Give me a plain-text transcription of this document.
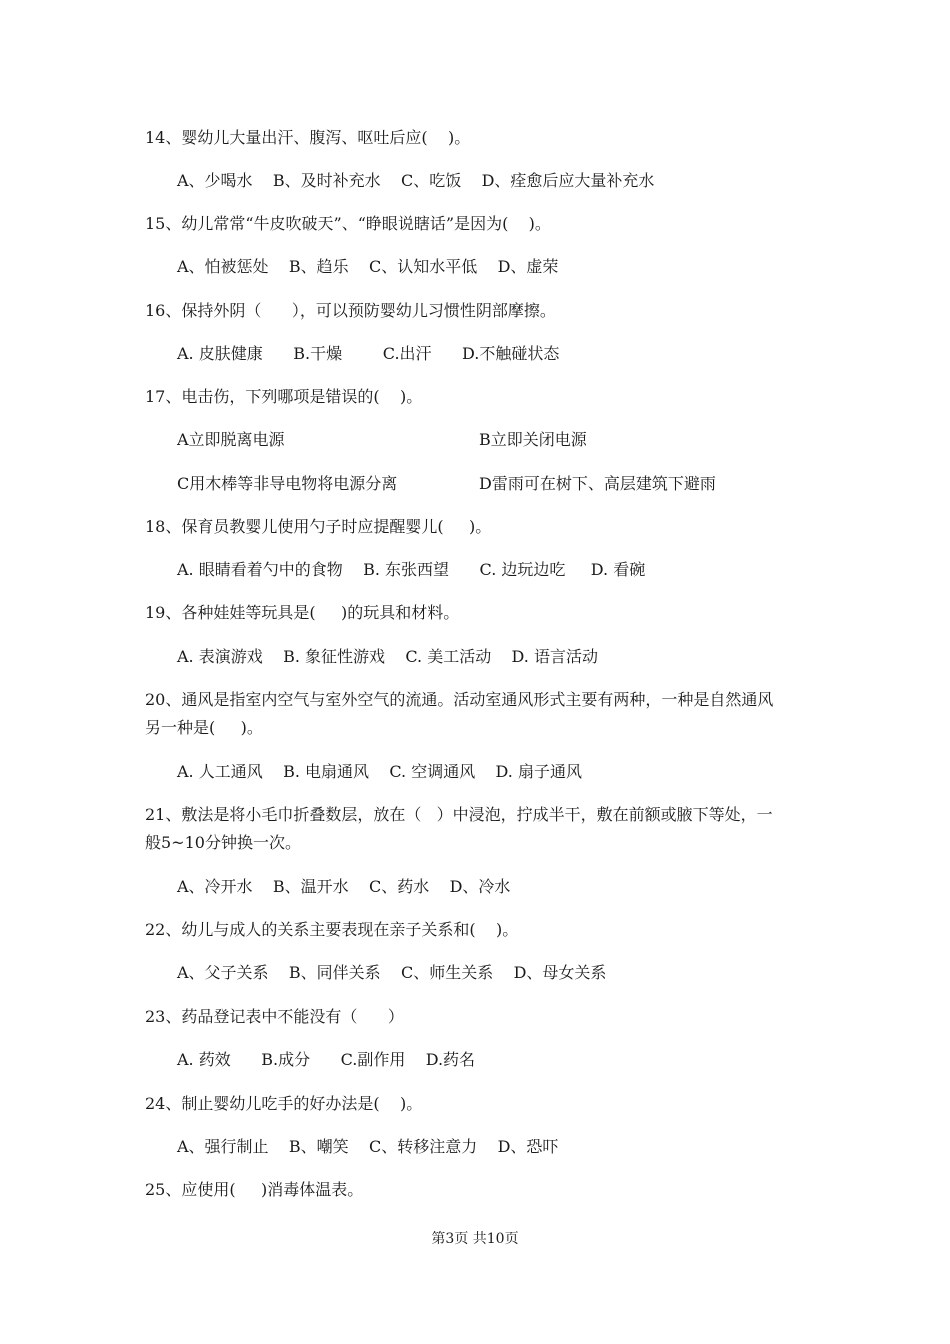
14、婴幼儿大量出汗、腹泻、呕吐后应(    )。
A、少喝水    B、及时补充水    C、吃饭    D、痊愈后应大量补充水
15、幼儿常常“牛皮吹破天”、“睁眼说瞎话”是因为(    )。
A、怕被惩处    B、趋乐    C、认知水平低    D、虚荣
16、保持外阴（      ），可以预防婴幼儿习惯性阴部摩擦。
A. 皮肤健康      B.干燥        C.出汗      D.不触碰状态
17、电击伤，下列哪项是错误的(    )。
A立即脱离电源	B立即关闭电源
C用木棒等非导电物将电源分离	D雷雨可在树下、高层建筑下避雨
18、保育员教婴儿使用勺子时应提醒婴儿(     )。
A. 眼睛看着勺中的食物    B. 东张西望      C. 边玩边吃     D. 看碗
19、各种娃娃等玩具是(     )的玩具和材料。
A. 表演游戏    B. 象征性游戏    C. 美工活动    D. 语言活动
20、通风是指室内空气与室外空气的流通。活动室通风形式主要有两种，一种是自然通风
另一种是(     )。
A. 人工通风    B. 电扇通风    C. 空调通风    D. 扇子通风
21、敷法是将小毛巾折叠数层，放在（   ）中浸泡，拧成半干，敷在前额或腋下等处，一
般5~10分钟换一次。
A、冷开水    B、温开水    C、药水    D、冷水
22、幼儿与成人的关系主要表现在亲子关系和(    )。
A、父子关系    B、同伴关系    C、师生关系    D、母女关系
23、药品登记表中不能没有（      ）
A. 药效      B.成分      C.副作用    D.药名
24、制止婴幼儿吃手的好办法是(    )。
A、强行制止    B、嘲笑    C、转移注意力    D、恐吓
25、应使用(     )消毒体温表。
第3页 共10页
